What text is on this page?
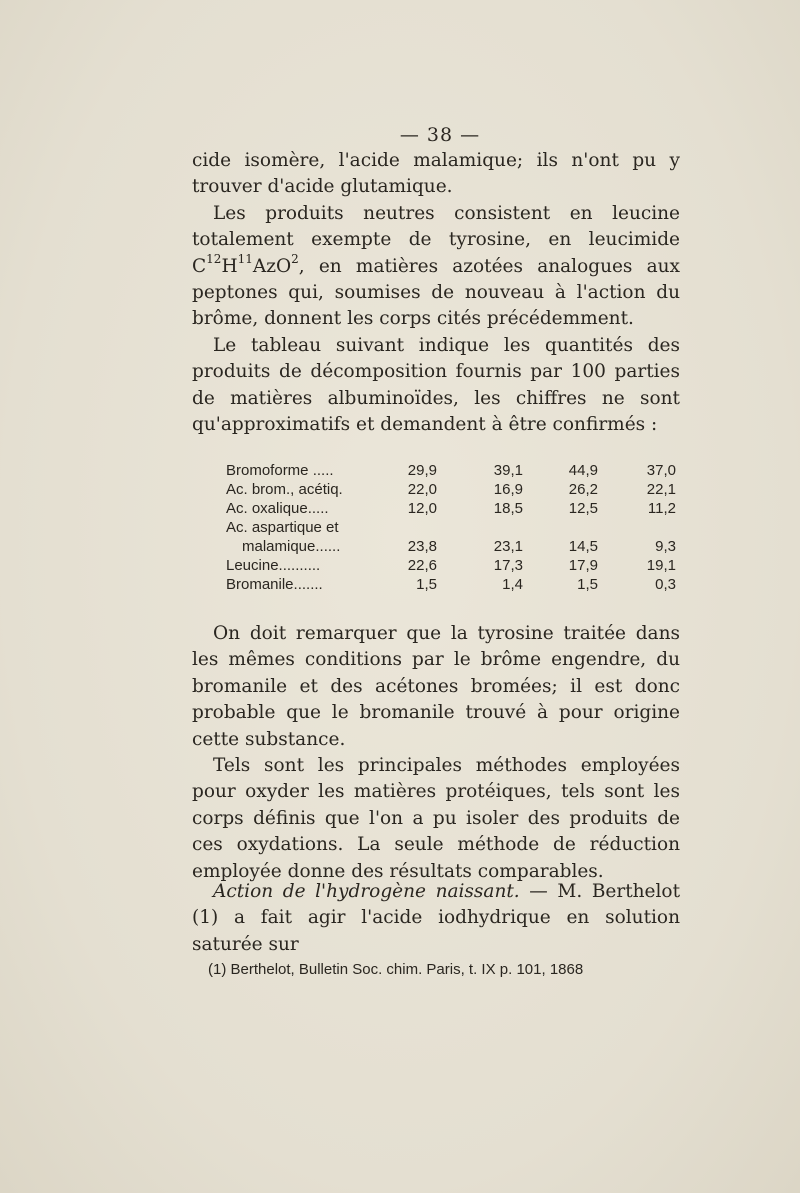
— 38 —

cide isomère, l'acide malamique; ils n'ont pu y trouver d'acide glutamique.

Les produits neutres consistent en leucine totalement exempte de tyrosine, en leucimide $C^{12}H^{11}AzO^2$, en matières azotées analogues aux peptones qui, soumises de nouveau à l'action du brôme, donnent les corps cités précédemment.

Le tableau suivant indique les quantités des produits de décomposition fournis par 100 parties de matières albuminoïdes, les chiffres ne sont qu'approximatifs et demandent à être confirmés :

Bromoforme .....	29,9	39,1	44,9	37,0
Ac. brom., acétiq.	22,0	16,9	26,2	22,1
Ac. oxalique.....	12,0	18,5	12,5	11,2
Ac. aspartique et
malamique......	23,8	23,1	14,5	9,3
Leucine..........	22,6	17,3	17,9	19,1
Bromanile.......	1,5	1,4	1,5	0,3

On doit remarquer que la tyrosine traitée dans les mêmes conditions par le brôme engendre, du bromanile et des acétones bromées; il est donc probable que le bromanile trouvé à pour origine cette substance.

Tels sont les principales méthodes employées pour oxyder les matières protéiques, tels sont les corps définis que l'on a pu isoler des produits de ces oxydations. La seule méthode de réduction employée donne des résultats comparables.

Action de l'hydrogène naissant. — M. Berthelot (1) a fait agir l'acide iodhydrique en solution saturée sur

(1) Berthelot, Bulletin Soc. chim. Paris, t. IX p. 101, 1868
